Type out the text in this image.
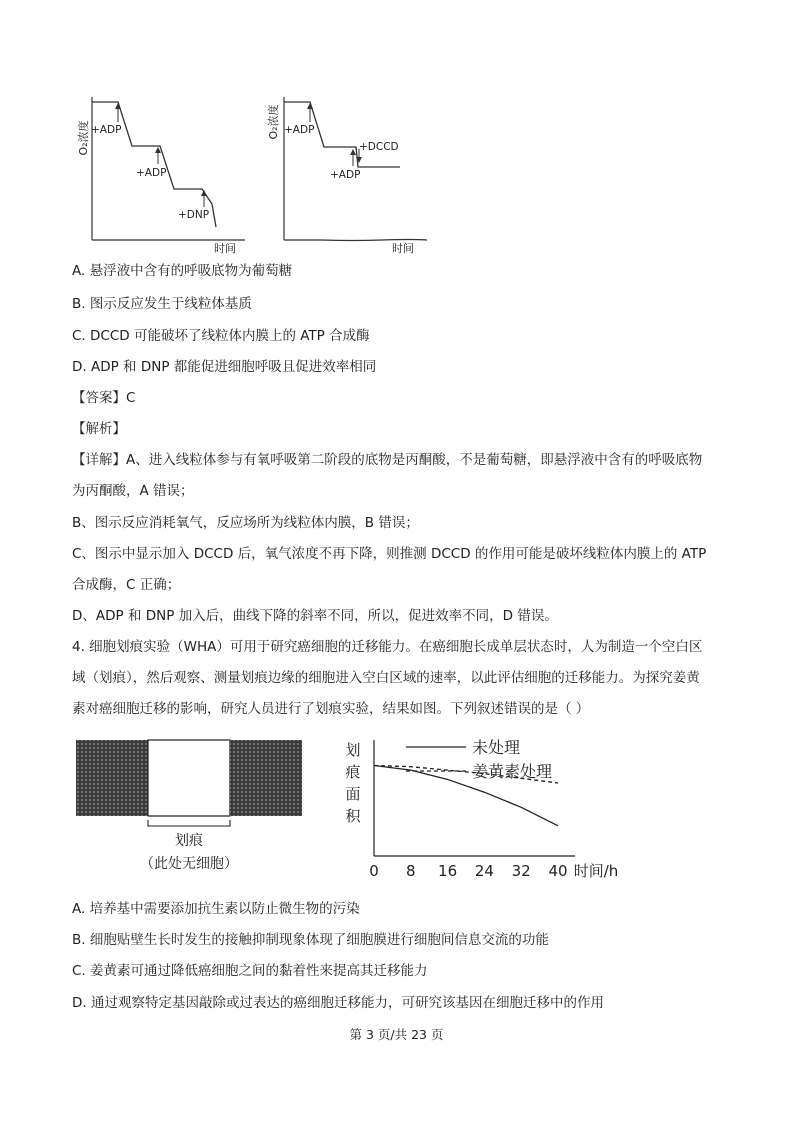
O₂浓度 +ADP
+ADP
+DNP
时间
O₂浓度 +ADP
+DCCD
+ADP
时间
A. 悬浮液中含有的呼吸底物为葡萄糖
B. 图示反应发生于线粒体基质
C. DCCD 可能破坏了线粒体内膜上的 ATP 合成酶
D. ADP 和 DNP 都能促进细胞呼吸且促进效率相同
【答案】C
【解析】
【详解】A、进入线粒体参与有氧呼吸第二阶段的底物是丙酮酸，不是葡萄糖，即悬浮液中含有的呼吸底物
为丙酮酸，A 错误；
B、图示反应消耗氧气，反应场所为线粒体内膜，B 错误；
C、图示中显示加入 DCCD 后，氧气浓度不再下降，则推测 DCCD 的作用可能是破坏线粒体内膜上的 ATP
合成酶，C 正确；
D、ADP 和 DNP 加入后，曲线下降的斜率不同，所以，促进效率不同，D 错误。
4. 细胞划痕实验（WHA）可用于研究癌细胞的迁移能力。在癌细胞长成单层状态时，人为制造一个空白区
域（划痕），然后观察、测量划痕边缘的细胞进入空白区域的速率，以此评估细胞的迁移能力。为探究姜黄
素对癌细胞迁移的影响，研究人员进行了划痕实验，结果如图。下列叙述错误的是（ ）
划痕
（此处无细胞）
划
痕
面
积
0 8 16 24 32 40
未处理
姜黄素处理
时间/h
A. 培养基中需要添加抗生素以防止微生物的污染
B. 细胞贴壁生长时发生的接触抑制现象体现了细胞膜进行细胞间信息交流的功能
C. 姜黄素可通过降低癌细胞之间的黏着性来提高其迁移能力
D. 通过观察特定基因敲除或过表达的癌细胞迁移能力，可研究该基因在细胞迁移中的作用
第 3 页/共 23 页
